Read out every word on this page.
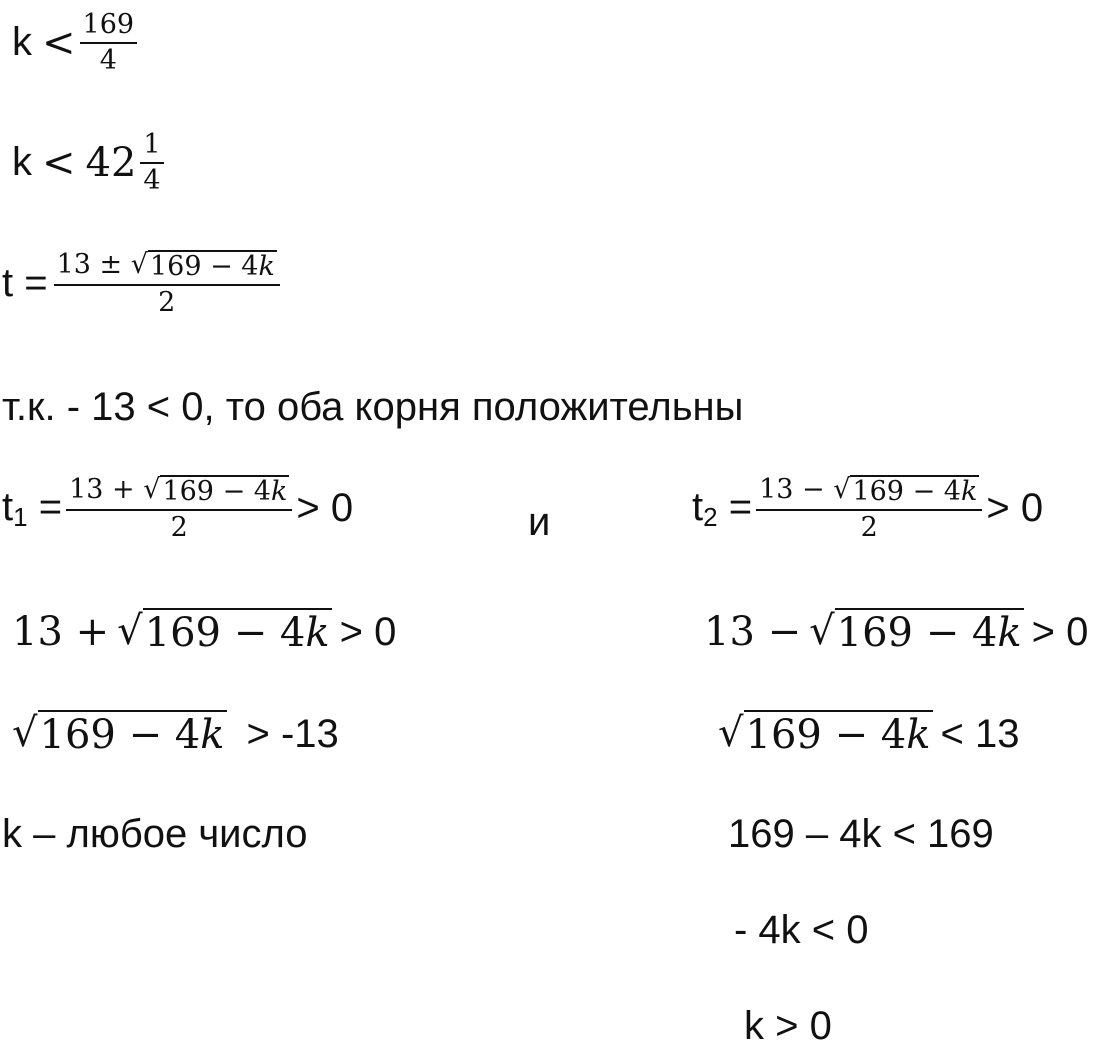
$k < \frac{169}{4}$
$k < 42 \frac{1}{4}$
$t = \frac{13 \pm √ 169 - 4k}{2}$
т.к. - 13 < 0, то оба корня положительны
$t_1 = \frac{13 + √ 169 - 4k}{2} > 0$	и	$t_2 = \frac{13 - √ 169 - 4k}{2} > 0$
13 + √ 169 − 4k > 0	13 − √ 169 − 4k > 0
√ 169 − 4k > -13	√ 169 − 4k < 13
k – любое число	169 – 4k < 169
- 4k < 0
k > 0
